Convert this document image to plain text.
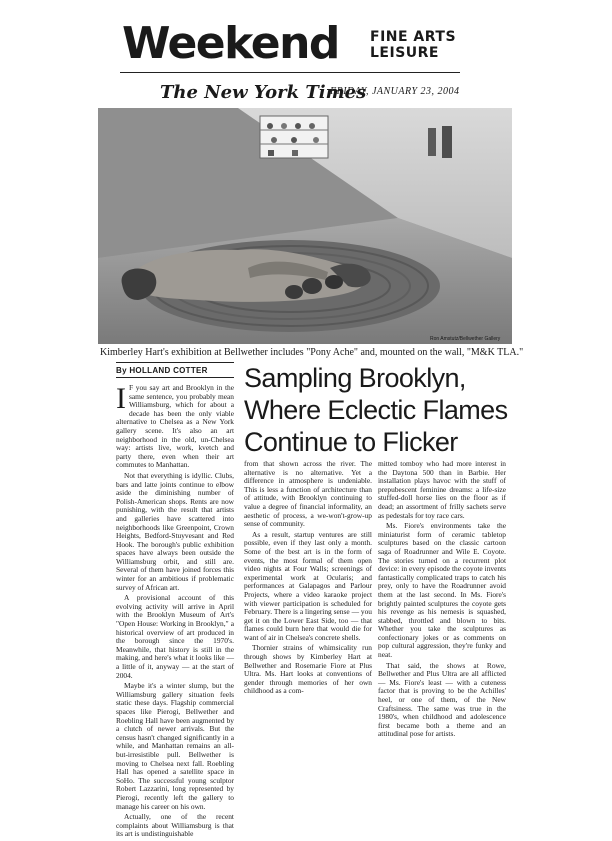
Weekend FINE ARTS
LEISURE
The New York Times
FRIDAY, JANUARY 23, 2004
Ron Amstutz/Bellwether Gallery
Kimberley Hart's exhibition at Bellwether includes "Pony Ache" and, mounted on the wall, "M&K TLA."
By HOLLAND COTTER Sampling Brooklyn, Where Eclectic Flames Continue to Flicker

I F you say art and Brooklyn in the same sentence, you probably mean Williamsburg, which for about a decade has been the only viable alternative to Chelsea as a New York gallery scene. It's also an art neighborhood in the old, un-Chelsea way: artists live, work, kvetch and party there, even when their art commutes to Manhattan.

Not that everything is idyllic. Clubs, bars and latte joints continue to elbow aside the diminishing number of Polish-American shops. Rents are now punishing, with the result that artists and galleries have scattered into neighborhoods like Greenpoint, Crown Heights, Bedford-Stuyvesant and Red Hook. The borough's public exhibition spaces have always been outside the Williamsburg orbit, and still are. Several of them have joined forces this winter for an ambitious if problematic survey of African art.

A provisional account of this evolving activity will arrive in April with the Brooklyn Museum of Art's "Open House: Working in Brooklyn," a historical overview of art produced in the borough since the 1970's. Meanwhile, that history is still in the making, and here's what it looks like — a little of it, anyway — at the start of 2004.

Maybe it's a winter slump, but the Williamsburg gallery situation feels static these days. Flagship commercial spaces like Pierogi, Bellwether and Roebling Hall have been augmented by a clutch of newer arrivals. But the census hasn't changed significantly in a while, and Manhattan remains an all-but-irresistible pull. Bellwether is moving to Chelsea next fall. Roebling Hall has opened a satellite space in SoHo. The successful young sculptor Robert Lazzarini, long represented by Pierogi, recently left the gallery to manage his career on his own.

Actually, one of the recent complaints about Williamsburg is that its art is undistinguishable

from that shown across the river. The alternative is no alternative. Yet a difference in atmosphere is undeniable. This is less a function of architecture than of attitude, with Brooklyn continuing to value a degree of financial informality, an aesthetic of process, a we-won't-grow-up sense of community.

As a result, startup ventures are still possible, even if they last only a month. Some of the best art is in the form of events, the most formal of them open video nights at Four Walls; screenings of experimental work at Ocularis; and performances at Galapagos and Parlour Projects, where a video karaoke project with viewer participation is scheduled for February. There is a lingering sense — you get it on the Lower East Side, too — that flames could burn here that would die for want of air in Chelsea's concrete shells.

Thornier strains of whimsicality run through shows by Kimberley Hart at Bellwether and Rosemarie Fiore at Plus Ultra. Ms. Hart looks at conventions of gender through memories of her own childhood as a com-

mitted tomboy who had more interest in the Daytona 500 than in Barbie. Her installation plays havoc with the stuff of prepubescent feminine dreams: a life-size stuffed-doll horse lies on the floor as if dead; an assortment of frilly sachets serve as pedestals for toy race cars.

Ms. Fiore's environments take the miniaturist form of ceramic tabletop sculptures based on the classic cartoon saga of Roadrunner and Wile E. Coyote. The stories turned on a recurrent plot device: in every episode the coyote invents fantastically complicated traps to catch his prey, only to have the Roadrunner avoid them at the last second. In Ms. Fiore's brightly painted sculptures the coyote gets his revenge as his nemesis is squashed, stabbed, throttled and blown to bits. Whether you take the sculptures as confectionary jokes or as comments on pop cultural aggression, they're funky and neat.

That said, the shows at Rowe, Bellwether and Plus Ultra are all afflicted — Ms. Fiore's least — with a cuteness factor that is proving to be the Achilles' heel, or one of them, of the New Craftsiness. The same was true in the 1980's, when childhood and adolescence first became both a theme and an attitudinal pose for artists.
